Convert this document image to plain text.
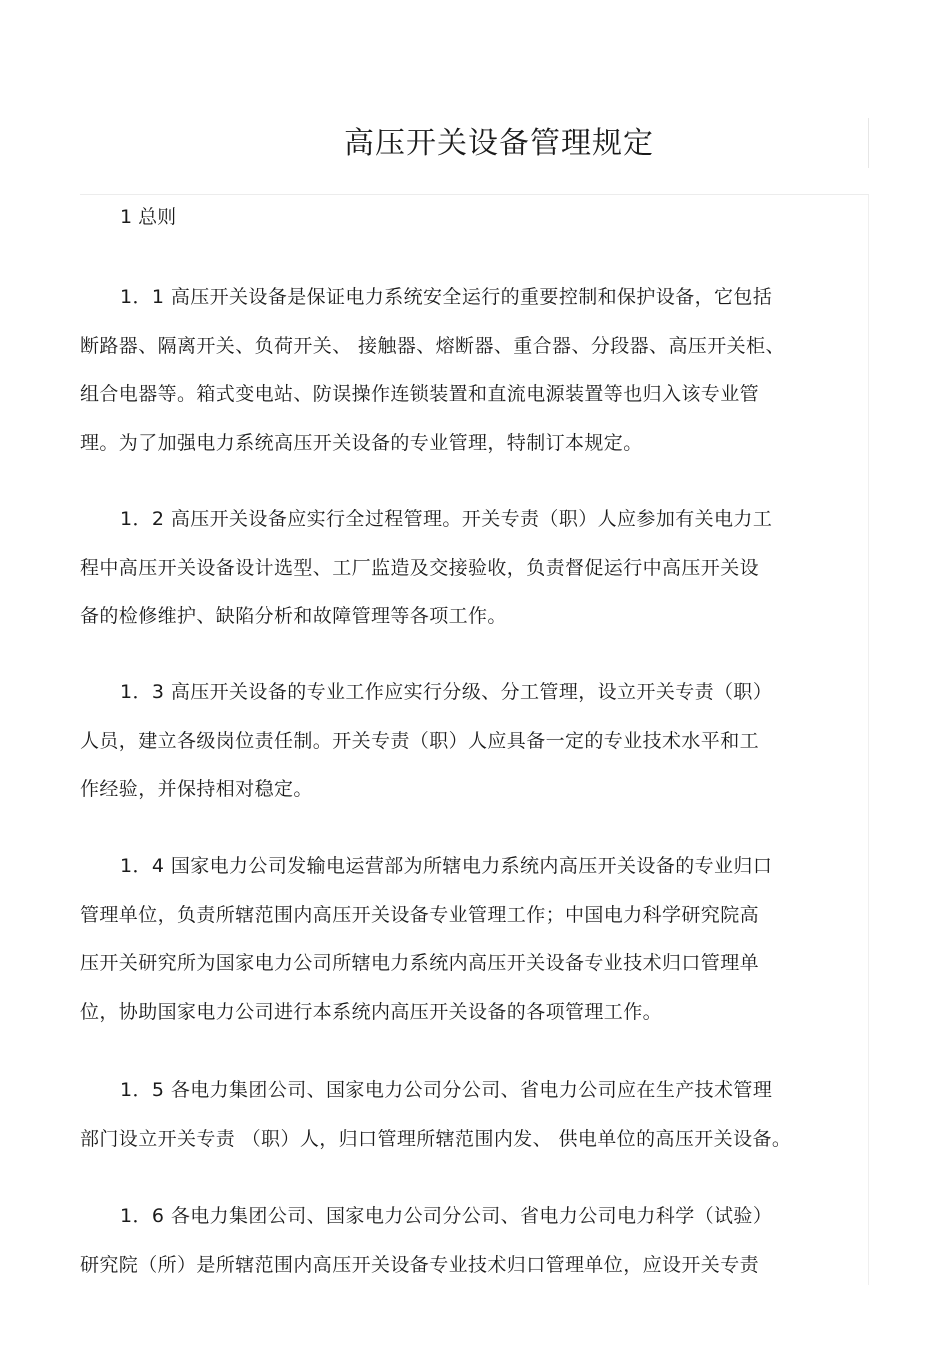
高压开关设备管理规定
1 总则
1．1 高压开关设备是保证电力系统安全运行的重要控制和保护设备，它包括
断路器、隔离开关、负荷开关、 接触器、熔断器、重合器、分段器、高压开关柜、
组合电器等。箱式变电站、防误操作连锁装置和直流电源装置等也归入该专业管
理。为了加强电力系统高压开关设备的专业管理，特制订本规定。
1．2 高压开关设备应实行全过程管理。开关专责（职）人应参加有关电力工
程中高压开关设备设计选型、工厂监造及交接验收，负责督促运行中高压开关设
备的检修维护、缺陷分析和故障管理等各项工作。
1．3 高压开关设备的专业工作应实行分级、分工管理，设立开关专责（职）
人员，建立各级岗位责任制。开关专责（职）人应具备一定的专业技术水平和工
作经验，并保持相对稳定。
1．4 国家电力公司发输电运营部为所辖电力系统内高压开关设备的专业归口
管理单位，负责所辖范围内高压开关设备专业管理工作；中国电力科学研究院高
压开关研究所为国家电力公司所辖电力系统内高压开关设备专业技术归口管理单
位，协助国家电力公司进行本系统内高压开关设备的各项管理工作。
1．5 各电力集团公司、国家电力公司分公司、省电力公司应在生产技术管理
部门设立开关专责 （职）人，归口管理所辖范围内发、 供电单位的高压开关设备。
1．6 各电力集团公司、国家电力公司分公司、省电力公司电力科学（试验）
研究院（所）是所辖范围内高压开关设备专业技术归口管理单位，应设开关专责
